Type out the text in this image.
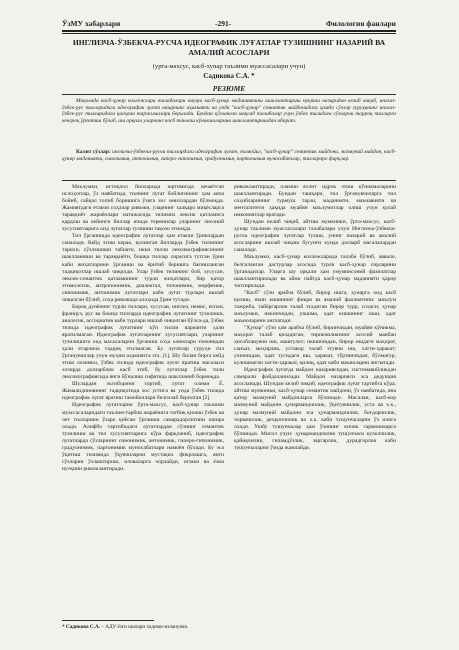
ЎзМУ хабарлари	-291-	Филология фанлари
ИНГЛИЗЧА-ЎЗБЕКЧА-РУСЧА ИДЕОГРАФИК ЛУҒАТЛАР ТУЗИШНИНГ НАЗАРИЙ ВА АМАЛИЙ АСОСЛАРИ
(урта-махсус, касб-хунар таълими муассасалари учун)
Садикова С.А. *
РЕЗЮМЕ
Мақолада касб-ҳунар коллежлари талабалари юқори касб-ҳунар маданиятини шакллантириш нуқтаи назаридан келиб чиқиб, инглиз-ўзбек-рус тилларидаги идеографик луғат нашрнинг аҳамияти ва унда "касб-ҳунар" семантик майдонидаги ҳамда сўзлар гуруҳининг инглиз-ўзбек-рус тилларидаги қисқача таржималари берилади. Бундан кўзланган мақсад талабалар учун ўзбек тилидаги сўзларни торроқ тилларга кенгроқ ўргатиш бўлиб, иш орқали уларнинг касб танлаш кўникмаларини шакллантиришдан иборат.
Калит сўзлар: инглизча-ўзбекча-русча тиллардаги идеографик луғат, тамойил, "касб-ҳунар" семантик майдони, мазмуний майдон, касб-ҳунар маданияти, синонимия, антонимия, гиперо-гипонимия, градуонимия, партонимия муносабатлар, тиллараро фарқлар.

Маълумки, истиқлол йилларида юртимизда кечаётган ислоҳотлар, ўз навбатида, тилнинг луғат бойлигининг ҳам анча бойиб, сайқал топиб боришига ўзига хос омиллардан бўлмоқда. Жамиятдаги етакчи соҳалар ривожи, уларнинг халқаро миқёсларга тараққиёт жараёнлари натижасида тилимиз лексик қатламига қардош ва кейинги йиллар ичида терминлар уларнинг лисоний хусусиятларига оид луғатлар тузишни тақозо этмоқда.

Тил ўрганишда идеографик луғатлар ҳам етакчи ўринлардан саналади. Кейд этиш керак, қолинган йилларда ўзбек тилининг тарихи, сўзлашиши табиати, икки тилли лексикографиясининг шаклланиши ва тараққиёти, бошқа тиллар сирасига тутган ўрни каби жиҳатларини ўрганиш ва ёритиб беришга бағишланган тадқиқотлар ишлаб чиқилди. Улар ўзбек тилининг бой, хусусан, лексик-семантик қатламининг турли жиҳатлари, бир қатор этимологик, антропонимик, диалектал, топонимик, морфемик, синонимик, антонимик луғатлари каби луғат турлари ишлаб чиқилган бўлиб, соҳа ривожида алоҳида ўрин тутади.

Бироқ дунёнинг турли тиллари, хусусан, инглиз, немис, испан, француз, рус ва бошқа тилларда идеографик луғатнинг тузилиши, аналогик, ассоциатив каби турлари ишлаб чиқилган бўлса-да, ўзбек тилида идеографик луғатнинг кўп тилли варианти ҳали яратилмаган. Идеографик луғатларнинг хусусиятлари, уларнинг тузилишига оид масалаларни ўрганиш соҳа олимлари томонидан ҳали етарлича тадқиқ этилмаган. Бу луғатлар гуруҳи тил ўрганувчилар учун муҳим аҳамиятга эга. [1]. Шу билан бирга кейд этиш лозимки, ўзбек тилида идеографик луғат яратиш масаласи хозирда долзарблик касб этиб, бу луғатлар ўзбек тили лексикографиясида янги йўналиш сифатида шаклланиб бормоқда.

Шулардан эътиборини тортиб, луғат олими Ё. Жамалидиновнинг тадқиқотида хос устига ва унда ўзбек тилида идеографик луғат яратиш тамойиллари белгилаб берилган [2].

Идеографик луғатларни ўрта-махсус, касб-ҳунар таълими муассасаларидаги таълим-тарбия жараёнига татбиқ қилиш ўзбек ва чет тилларини ўзаро қиёсан ўрганиш самарадорлигини ошира олади. Алифбо тартибидаги луғатлардан сўзнинг семантик тузилиши ва тил хусусиятларига кўра фарқланиб, идеографик луғатларда сўзларнинг синонимик, антонимик, гиперо-гипонимик, градуонимик, партонимик муносабатлари намоён бўлади. Бу эса ўқитиш тизимида ўқувчиларни мустақил фикрлашга, янги сўзларни ўзлаштириш, иловаларга чорлайди, оғзаки ва ёзма нутқини ривожлантиради.

ривожлантиради, оламни яхлит идрок этиш кўникмаларини шакллантиради. Бундан ташқари, тил ўрганувчиларга тил соҳибларининг турмуш тарзи, маданияти, маънавияти ва менталитети ҳақида муайян маълумотлар олиш учун кулай имкониятлар яратади.

Шундан келиб чиқиб, айтиш мумкинки, ўрта-махсус, касб-ҳунар таълими муассасалари талабалари учун Инглизча-ўзбекча-русча идеографик луғатлар тузиш, унинг назарий ва амалий асосларини ишлаб чиқиш бугунги кунда долзарб масалалардан саналади.

Маълумки, касб-ҳунар коллежларида талаба бўлиб, аввало, белгиланган дастурлар асосида турли касб-ҳунар сирларини ўрганадилар. Уларга шу орқали ҳам умуминсоний фазилатлар шакллантирилади ва айни пайтда касб-ҳунар маданияти қарор топтирилади.

"Касб" сўзи арабча бўлиб, бирор ишга, ҳунарга оид касб қилиш, яъни кишининг фикри ва амалий фаолиятини: маълум тажриба, тайёргарлик талаб этадиган бирор турр, соҳаси; ҳунар маълумки, иккинчидан, уюшма, одат кишининг иши, одат маъноларини англатади.

"Ҳунар" сўзи ҳам арабча бўлиб, биринчидан, муайян кўникма, маҳорат талаб қиладиган, тирикчиликнинг асосий манбаи ҳисобланувчи иш, машғулот; иккинчидан, бирор ишдаги маҳорат, санъат, моҳирлик, устакор талаб этувчи иш, хатти-ҳаракат; учинчидан, одат тусидаги иш, ҳаракат, тўртинчидан, бўлмағур, кулишмаган хатти-ҳаракат, қилиқ, одат каби маъноларни англатади.

Идеографик луғатда майдон назариясидан, системавийликдан самарали фойдаланилади. Майдон назарияси эса дедукция асосланади. Шундан келиб чиқиб, идеографик луғат тартибга кўра, айтиш мумкинки, касб-ҳунар семантик майдони, ўз навбатида, яна қатор мазмуний майдонларга бўлинади. Масалан, касб-кор мазмуний майдони ҳунармандчилик, ўқитувчилик, уста ва х.к., ҳунар мазмуний майдони эса ҳунармандчилик, боғдорчилик, чорвачилик, деҳқончилик ва х.к. каби тушунчаларни ўз ичига олади. Ушбу тушунчалар ҳам ўзининг кичик гармоникарга бўлинади. Мисол учун: ҳунармандчилик тушунчаси кулолчилик, қайиқчилик, гиламдўзлик, заргарлик, дурадгорлик каби тушунчаларни ўзида жамлайди.

* Садикова С.А. – АДУ ёзги ишлари ходими-изланувчи.
